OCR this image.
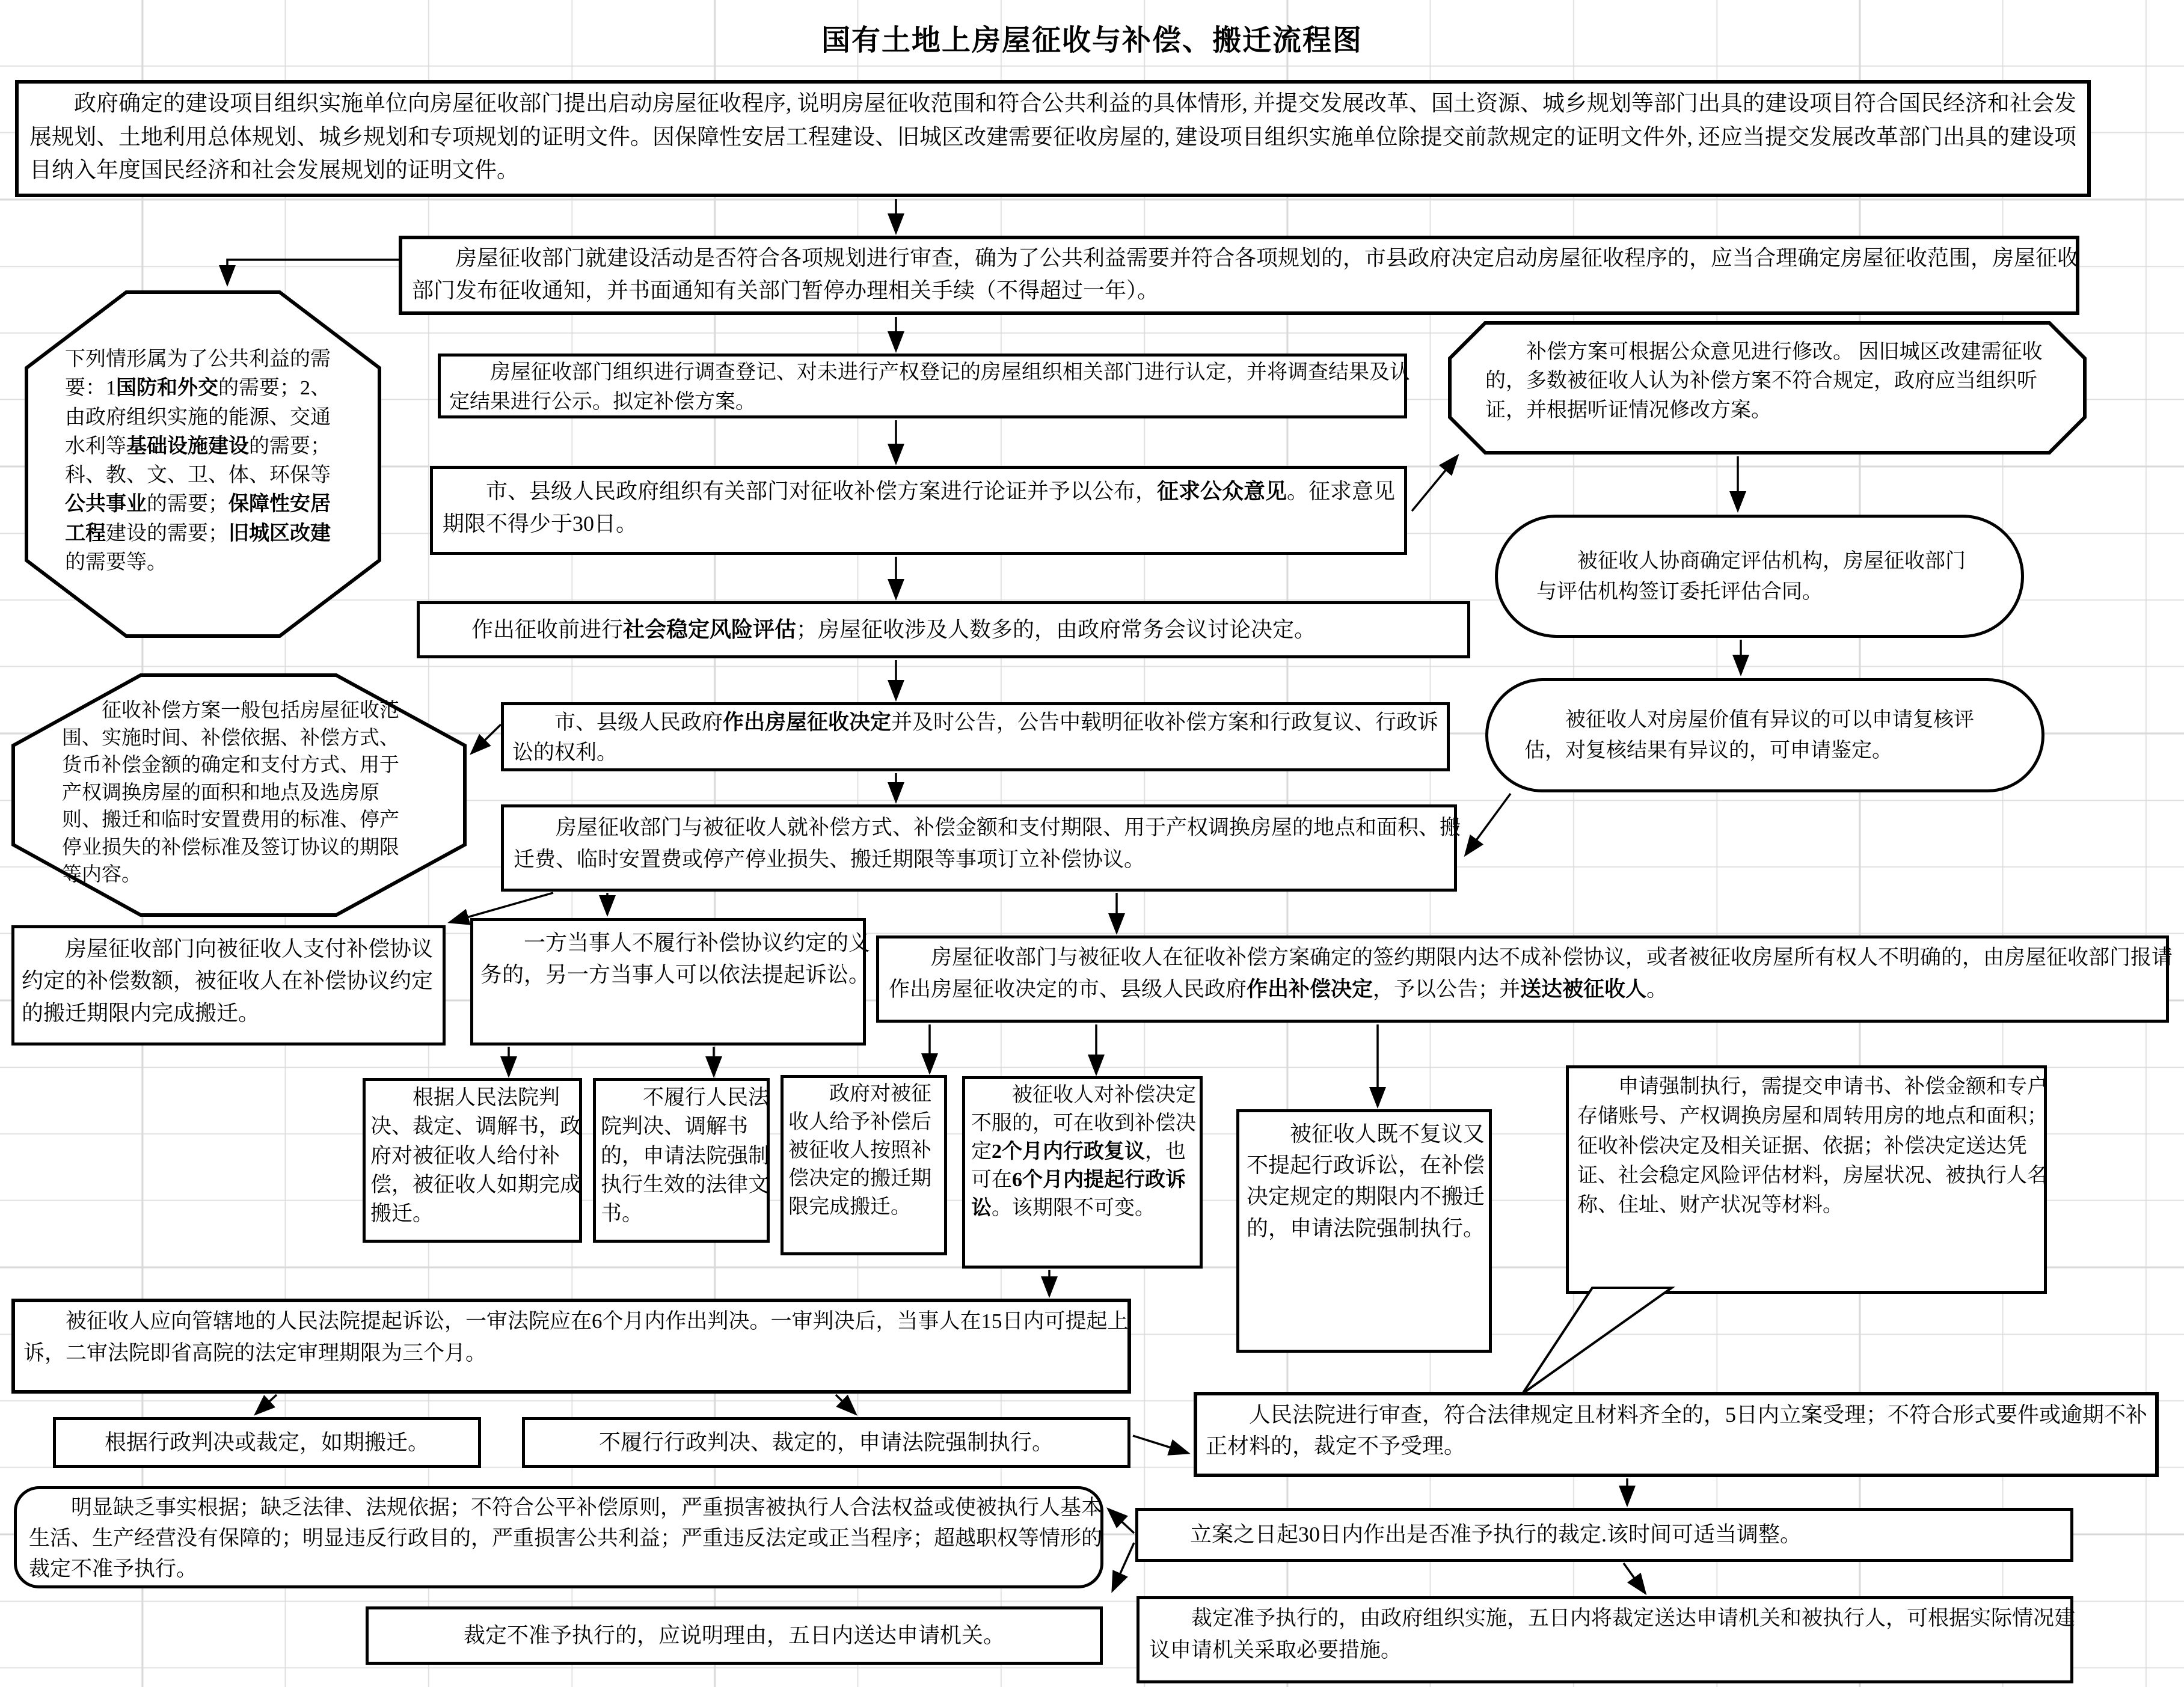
国有土地上房屋征收与补偿、搬迁流程图
政府确定的建设项目组织实施单位向房屋征收部门提出启动房屋征收程序, 说明房屋征收范围和符合公共利益的具体情形, 并提交发展改革、国土资源、城乡规划等部门出具的建设项目符合国民经济和社会发展规划、土地利用总体规划、城乡规划和专项规划的证明文件。因保障性安居工程建设、旧城区改建需要征收房屋的, 建设项目组织实施单位除提交前款规定的证明文件外, 还应当提交发展改革部门出具的建设项目纳入年度国民经济和社会发展规划的证明文件。
房屋征收部门就建设活动是否符合各项规划进行审查，确为了公共利益需要并符合各项规划的，市县政府决定启动房屋征收程序的，应当合理确定房屋征收范围，房屋征收部门发布征收通知，并书面通知有关部门暂停办理相关手续（不得超过一年）。
下列情形属为了公共利益的需要：1国防和外交的需要；2、由政府组织实施的能源、交通水利等基础设施建设的需要；科、教、文、卫、体、环保等公共事业的需要；保障性安居工程建设的需要；旧城区改建的需要等。
房屋征收部门组织进行调查登记、对未进行产权登记的房屋组织相关部门进行认定，并将调查结果及认定结果进行公示。拟定补偿方案。
补偿方案可根据公众意见进行修改。 因旧城区改建需征收的，多数被征收人认为补偿方案不符合规定，政府应当组织听证，并根据听证情况修改方案。
市、县级人民政府组织有关部门对征收补偿方案进行论证并予以公布，征求公众意见。征求意见期限不得少于30日。
被征收人协商确定评估机构，房屋征收部门与评估机构签订委托评估合同。
作出征收前进行社会稳定风险评估；房屋征收涉及人数多的，由政府常务会议讨论决定。
被征收人对房屋价值有异议的可以申请复核评估，对复核结果有异议的，可申请鉴定。
征收补偿方案一般包括房屋征收范围、实施时间、补偿依据、补偿方式、货币补偿金额的确定和支付方式、用于产权调换房屋的面积和地点及选房原则、搬迁和临时安置费用的标准、停产停业损失的补偿标准及签订协议的期限等内容。
市、县级人民政府作出房屋征收决定并及时公告，公告中载明征收补偿方案和行政复议、行政诉讼的权利。
房屋征收部门与被征收人就补偿方式、补偿金额和支付期限、用于产权调换房屋的地点和面积、搬迁费、临时安置费或停产停业损失、搬迁期限等事项订立补偿协议。
房屋征收部门向被征收人支付补偿协议约定的补偿数额，被征收人在补偿协议约定的搬迁期限内完成搬迁。
一方当事人不履行补偿协议约定的义务的，另一方当事人可以依法提起诉讼。
房屋征收部门与被征收人在征收补偿方案确定的签约期限内达不成补偿协议，或者被征收房屋所有权人不明确的，由房屋征收部门报请作出房屋征收决定的市、县级人民政府作出补偿决定，予以公告；并送达被征收人。
根据人民法院判决、裁定、调解书，政府对被征收人给付补偿，被征收人如期完成搬迁。
不履行人民法院判决、调解书的，申请法院强制执行生效的法律文书。
政府对被征收人给予补偿后被征收人按照补偿决定的搬迁期限完成搬迁。
被征收人对补偿决定不服的，可在收到补偿决定2个月内行政复议，也可在6个月内提起行政诉讼。该期限不可变。
被征收人既不复议又不提起行政诉讼，在补偿决定规定的期限内不搬迁的，申请法院强制执行。
申请强制执行，需提交申请书、补偿金额和专户存储账号、产权调换房屋和周转用房的地点和面积；征收补偿决定及相关证据、依据；补偿决定送达凭证、社会稳定风险评估材料，房屋状况、被执行人名称、住址、财产状况等材料。
被征收人应向管辖地的人民法院提起诉讼，一审法院应在6个月内作出判决。一审判决后，当事人在15日内可提起上诉，二审法院即省高院的法定审理期限为三个月。
根据行政判决或裁定，如期搬迁。	不履行行政判决、裁定的，申请法院强制执行。
人民法院进行审查，符合法律规定且材料齐全的，5日内立案受理；不符合形式要件或逾期不补正材料的，裁定不予受理。
明显缺乏事实根据；缺乏法律、法规依据；不符合公平补偿原则，严重损害被执行人合法权益或使被执行人基本生活、生产经营没有保障的；明显违反行政目的，严重损害公共利益；严重违反法定或正当程序；超越职权等情形的裁定不准予执行。
立案之日起30日内作出是否准予执行的裁定.该时间可适当调整。
裁定不准予执行的，应说明理由，五日内送达申请机关。
裁定准予执行的，由政府组织实施，五日内将裁定送达申请机关和被执行人，可根据实际情况建议申请机关采取必要措施。
